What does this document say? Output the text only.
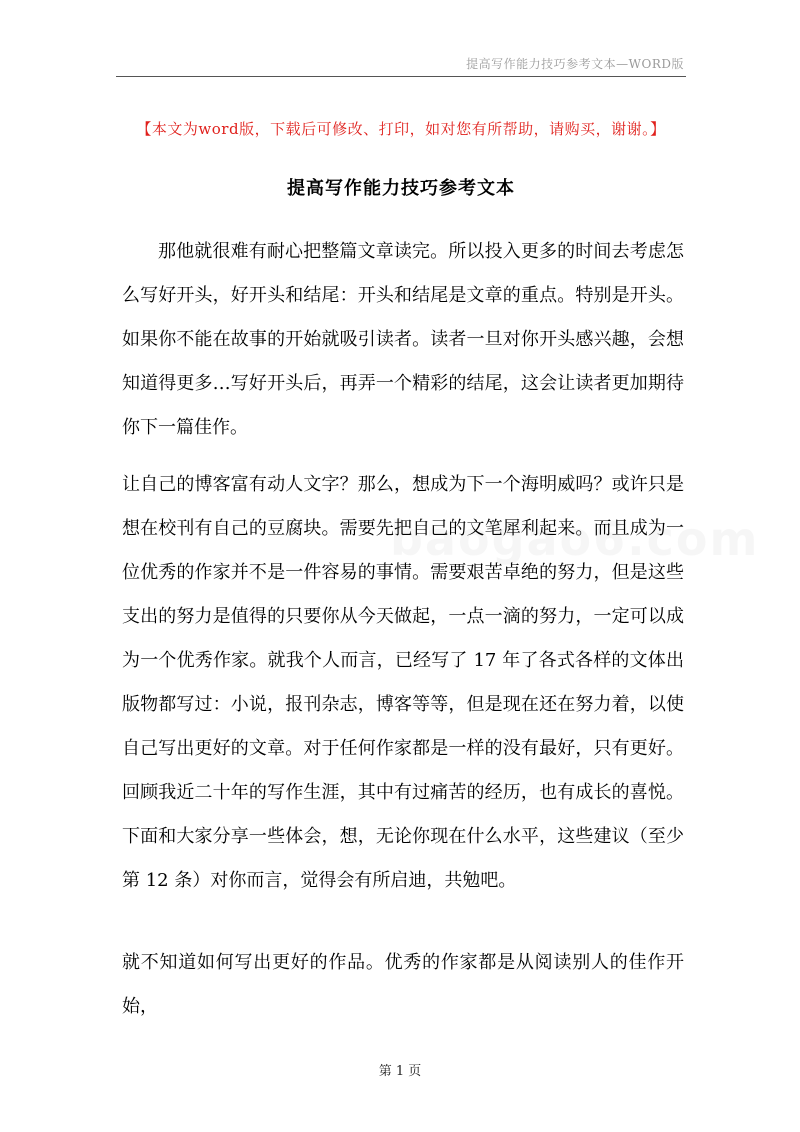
提高写作能力技巧参考文本—WORD版
【本文为word版，下载后可修改、打印，如对您有所帮助，请购买，谢谢。】
提高写作能力技巧参考文本

那他就很难有耐心把整篇文章读完。所以投入更多的时间去考虑怎么写好开头，好开头和结尾：开头和结尾是文章的重点。特别是开头。如果你不能在故事的开始就吸引读者。读者一旦对你开头感兴趣，会想知道得更多…写好开头后，再弄一个精彩的结尾，这会让读者更加期待你下一篇佳作。

让自己的博客富有动人文字？那么，想成为下一个海明威吗？或许只是想在校刊有自己的豆腐块。需要先把自己的文笔犀利起来。而且成为一位优秀的作家并不是一件容易的事情。需要艰苦卓绝的努力，但是这些支出的努力是值得的只要你从今天做起，一点一滴的努力，一定可以成为一个优秀作家。就我个人而言，已经写了 17 年了各式各样的文体出版物都写过：小说，报刊杂志，博客等等，但是现在还在努力着，以使自己写出更好的文章。对于任何作家都是一样的没有最好，只有更好。回顾我近二十年的写作生涯，其中有过痛苦的经历，也有成长的喜悦。下面和大家分享一些体会，想，无论你现在什么水平，这些建议（至少第 12 条）对你而言，觉得会有所启迪，共勉吧。

就不知道如何写出更好的作品。优秀的作家都是从阅读别人的佳作开始，

第 1 页
